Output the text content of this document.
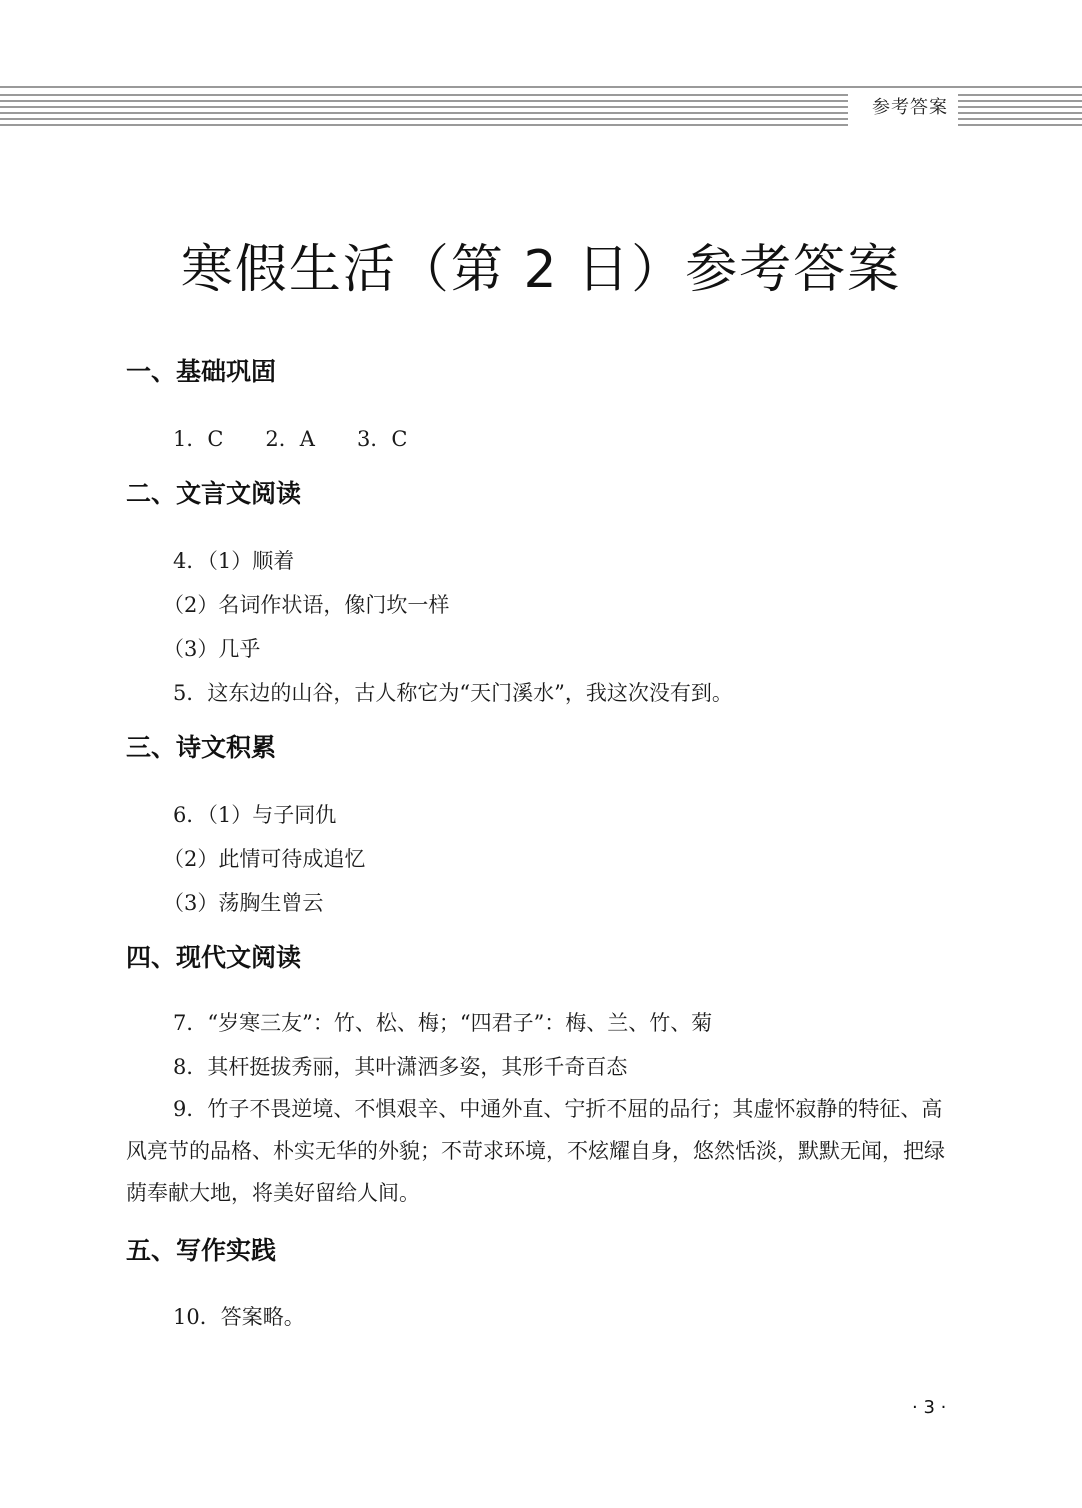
参考答案
寒假生活（第 2 日）参考答案
一、基础巩固
1．C　　2．A　　3．C
二、文言文阅读
4．（1）顺着
（2）名词作状语，像门坎一样
（3）几乎
5．这东边的山谷，古人称它为“天门溪水”，我这次没有到。
三、诗文积累
6．（1）与子同仇
（2）此情可待成追忆
（3）荡胸生曾云
四、现代文阅读
7．“岁寒三友”：竹、松、梅；“四君子”：梅、兰、竹、菊
8．其杆挺拔秀丽，其叶潇洒多姿，其形千奇百态
9．竹子不畏逆境、不惧艰辛、中通外直、宁折不屈的品行；其虚怀寂静的特征、高风亮节的品格、朴实无华的外貌；不苛求环境，不炫耀自身，悠然恬淡，默默无闻，把绿荫奉献大地，将美好留给人间。
五、写作实践
10．答案略。
· 3 ·
